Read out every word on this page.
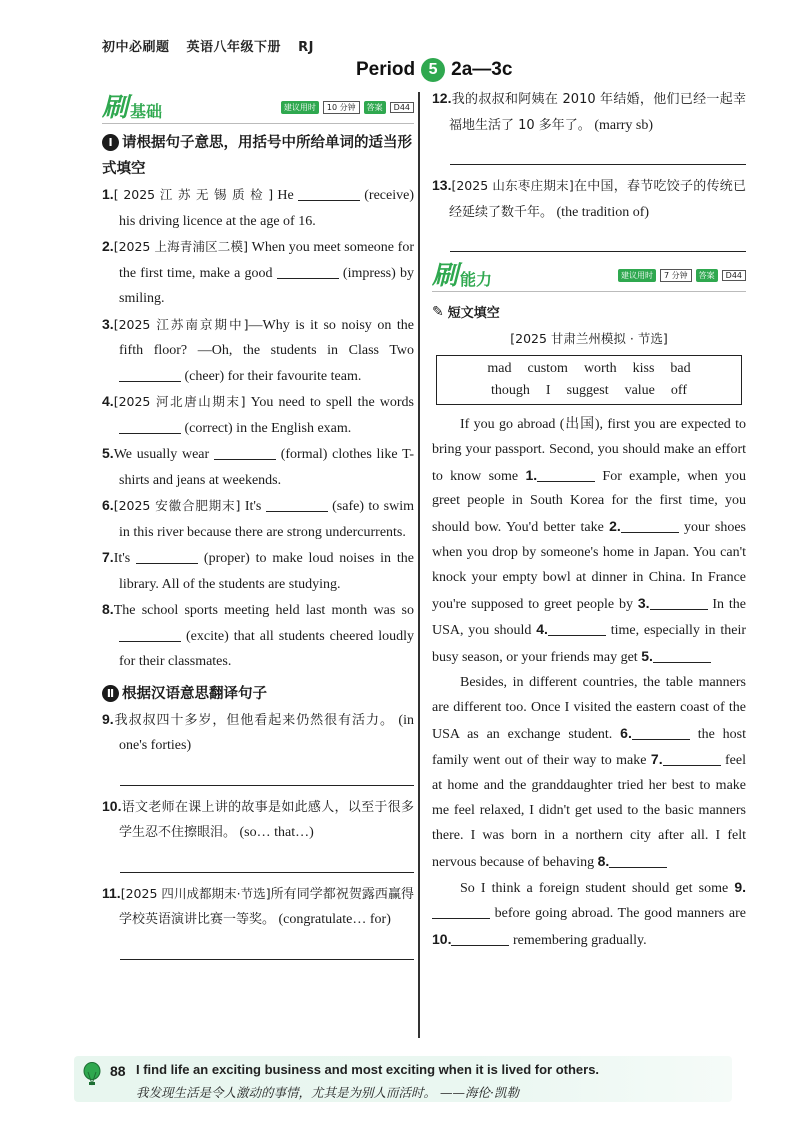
初中必刷题 英语八年级下册 RJ
Period 5 2a—3c
刷 基础	建议用时	10 分钟	答案	D44
Ⅰ 请根据句子意思，用括号中所给单词的适当形式填空
1.[ 2025 江 苏 无 锡 质 检 ] He	(receive) his driving licence at the age of 16.
2.[2025 上海青浦区二模] When you meet someone for the first time, make a good	(impress) by smiling.
3.[2025 江苏南京期中]—Why is it so noisy on the fifth floor? —Oh, the students in Class Two  (cheer) for their favourite team.
4.[2025 河北唐山期末] You need to spell the words  (correct) in the English exam.
5.We usually wear	(formal) clothes like T-shirts and jeans at weekends.
6.[2025 安徽合肥期末] It's	(safe) to swim in this river because there are strong undercurrents.
7.It's	(proper) to make loud noises in the library. All of the students are studying.
8.The school sports meeting held last month was so  (excite) that all students cheered loudly for their classmates.
Ⅱ 根据汉语意思翻译句子
9.我叔叔四十多岁，但他看起来仍然很有活力。 (in one's forties)
10.语文老师在课上讲的故事是如此感人，以至于很多学生忍不住擦眼泪。 (so… that…)
11.[2025 四川成都期末·节选]所有同学都祝贺露西赢得学校英语演讲比赛一等奖。 (congratulate… for)
12.我的叔叔和阿姨在 2010 年结婚，他们已经一起幸福地生活了 10 多年了。 (marry sb)
13.[2025 山东枣庄期末]在中国，春节吃饺子的传统已经延续了数千年。 (the tradition of)
刷 能力	建议用时	7 分钟	答案	D44
✎ 短文填空
[2025 甘肃兰州模拟 · 节选]
mad custom worth kiss bad
though I suggest value off

If you go abroad (出国), first you are expected to bring your passport. Second, you should make an effort to know some 1.	For example, when you greet people in South Korea for the first time, you should bow. You'd better take 2.	your shoes when you drop by someone's home in Japan. You can't knock your empty bowl at dinner in China. In France you're supposed to greet people by 3.	In the USA, you should 4.	time, especially in their busy season, or your friends may get 5.

Besides, in different countries, the table manners are different too. Once I visited the eastern coast of the USA as an exchange student. 6.	the host family went out of their way to make 7.	feel at home and the granddaughter tried her best to make me feel relaxed, I didn't get used to the basic manners there. I was born in a northern city after all. I felt nervous because of behaving 8.

So I think a foreign student should get some 9. before going abroad. The good manners are 10.	remembering gradually.

88 I find life an exciting business and most exciting when it is lived for others.
我发现生活是令人激动的事情，尤其是为别人而活时。 ——海伦·凯勒
